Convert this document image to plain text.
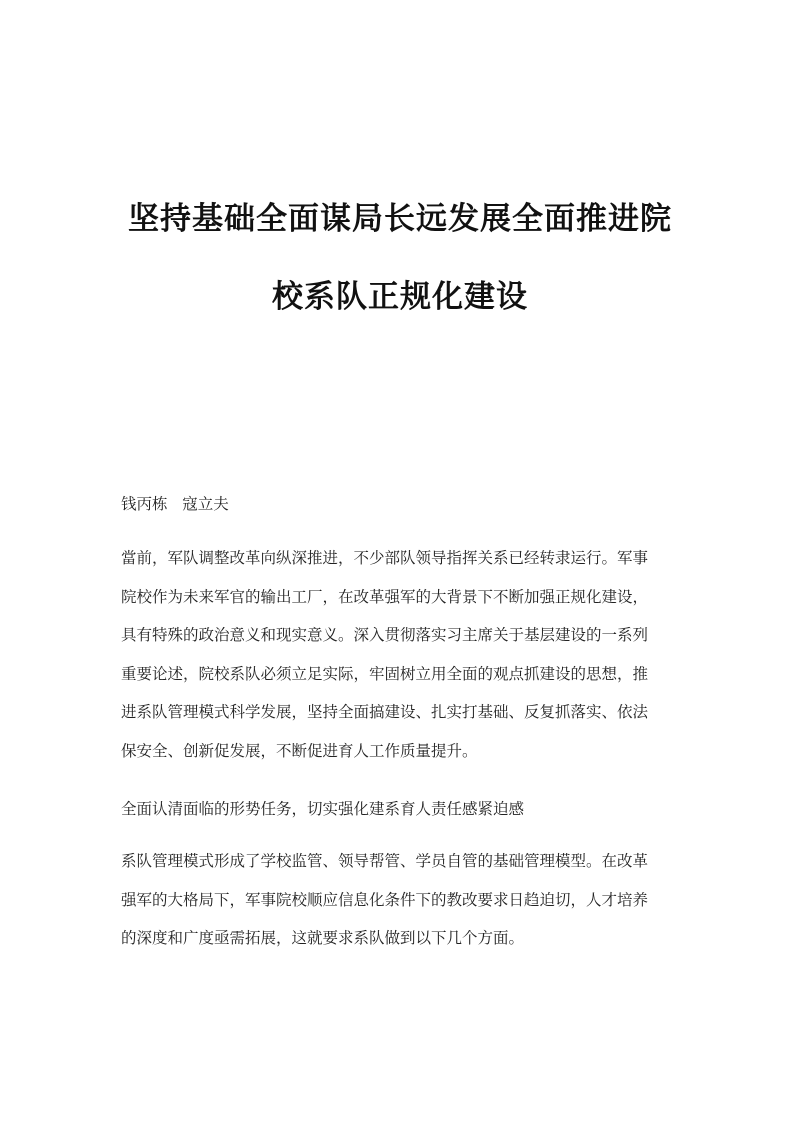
坚持基础全面谋局长远发展全面推进院
校系队正规化建设
钱丙栋   寇立夫
當前，军队调整改革向纵深推进，不少部队领导指挥关系已经转隶运行。军事
院校作为未来军官的输出工厂，在改革强军的大背景下不断加强正规化建设，
具有特殊的政治意义和现实意义。深入贯彻落实习主席关于基层建设的一系列
重要论述，院校系队必须立足实际，牢固树立用全面的观点抓建设的思想，推
进系队管理模式科学发展，坚持全面搞建设、扎实打基础、反复抓落实、依法
保安全、创新促发展，不断促进育人工作质量提升。
全面认清面临的形势任务，切实强化建系育人责任感紧迫感
系队管理模式形成了学校监管、领导帮管、学员自管的基础管理模型。在改革
强军的大格局下，军事院校顺应信息化条件下的教改要求日趋迫切，人才培养
的深度和广度亟需拓展，这就要求系队做到以下几个方面。
